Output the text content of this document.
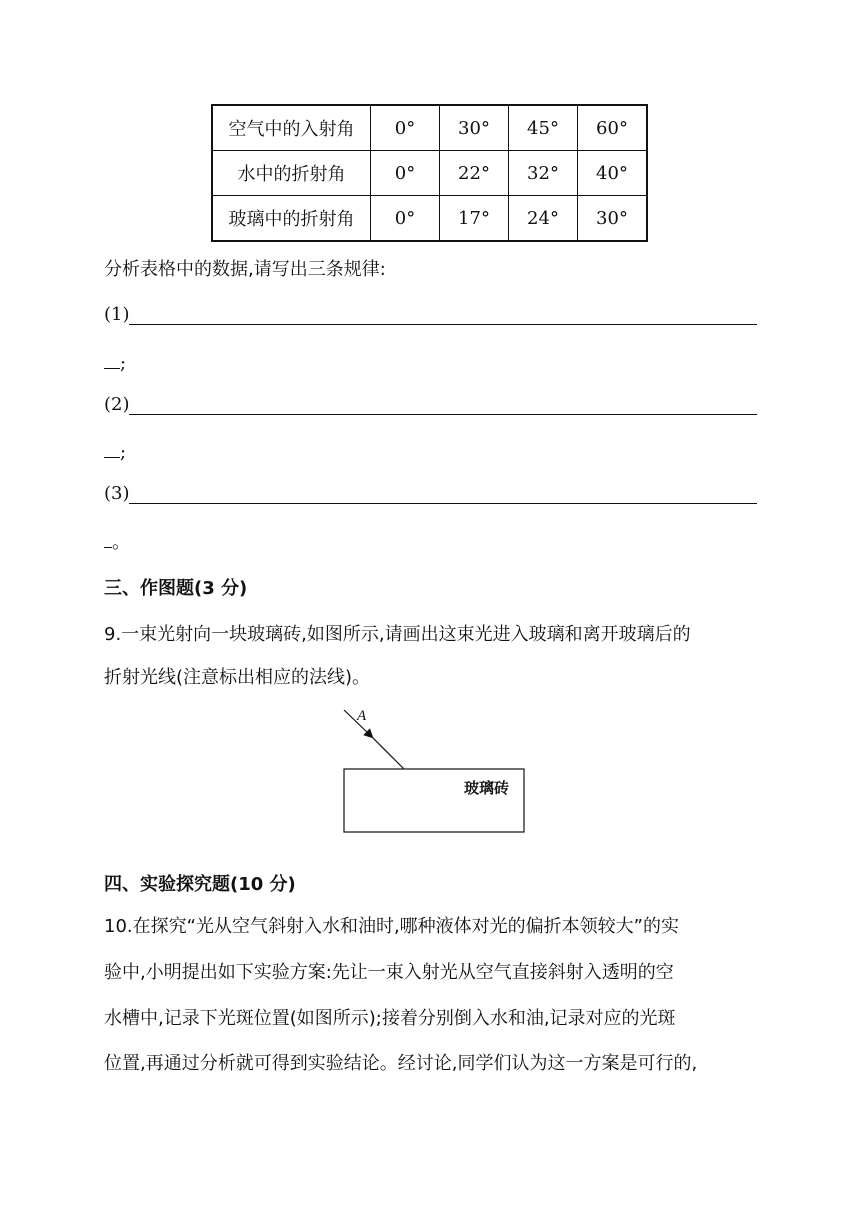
空气中的入射角	0°	30°	45°	60°
水中的折射角	0°	22°	32°	40°
玻璃中的折射角	0°	17°	24°	30°
分析表格中的数据,请写出三条规律:
(1)
;
(2)
;
(3)
。
三、作图题(3 分)
9.一束光射向一块玻璃砖,如图所示,请画出这束光进入玻璃和离开玻璃后的
折射光线(注意标出相应的法线)。
A
玻璃砖
四、实验探究题(10 分)
10.在探究“光从空气斜射入水和油时,哪种液体对光的偏折本领较大”的实
验中,小明提出如下实验方案:先让一束入射光从空气直接斜射入透明的空
水槽中,记录下光斑位置(如图所示);接着分别倒入水和油,记录对应的光斑
位置,再通过分析就可得到实验结论。经讨论,同学们认为这一方案是可行的,
